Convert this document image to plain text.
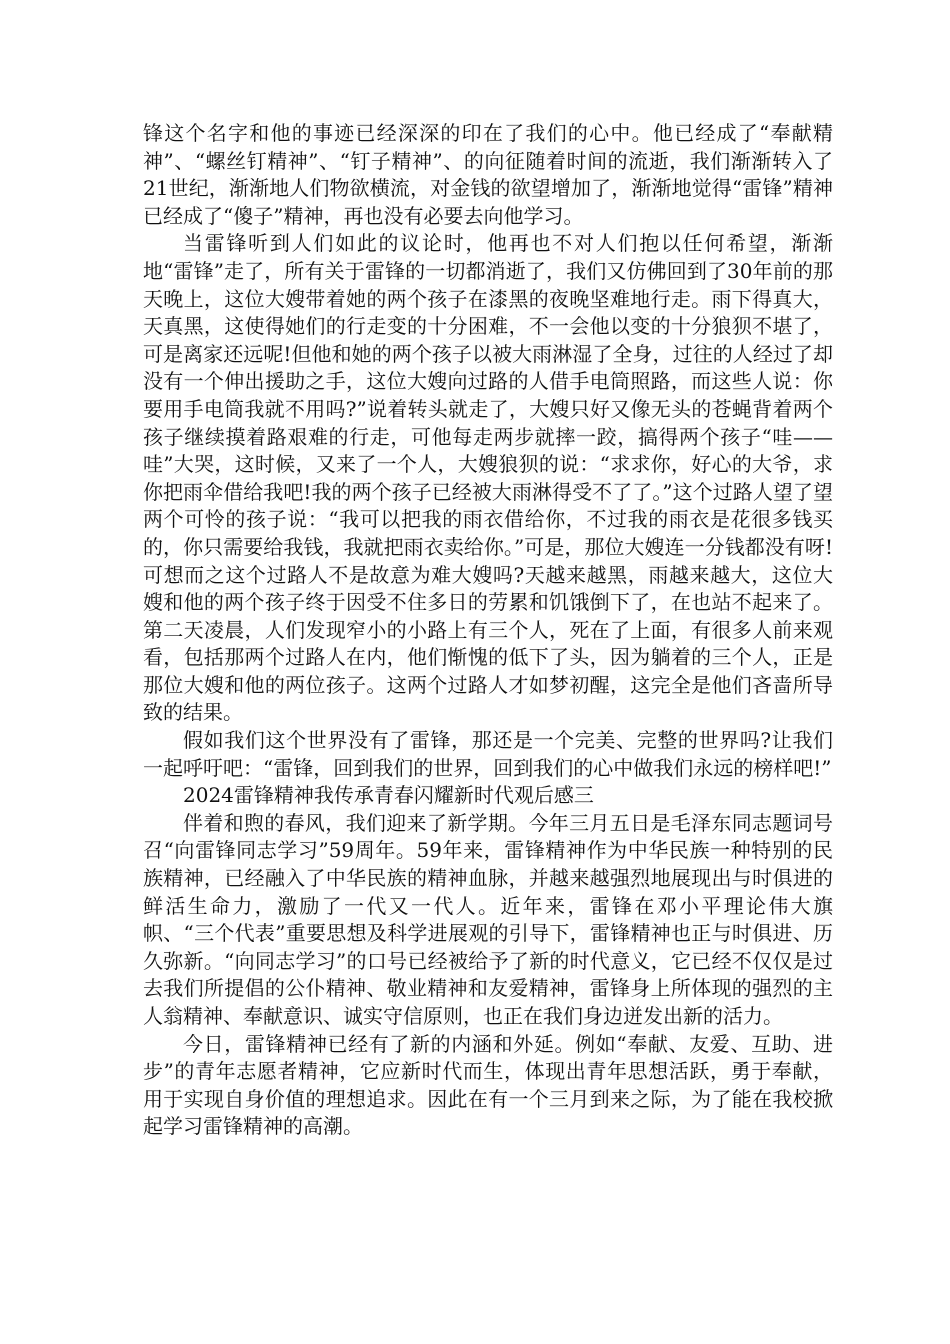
锋这个名字和他的事迹已经深深的印在了我们的心中。他已经成了“奉献精神”、“螺丝钉精神”、“钉子精神”、的向征随着时间的流逝，我们渐渐转入了21世纪，渐渐地人们物欲横流，对金钱的欲望增加了，渐渐地觉得“雷锋”精神已经成了“傻子”精神，再也没有必要去向他学习。

当雷锋听到人们如此的议论时，他再也不对人们抱以任何希望，渐渐地“雷锋”走了，所有关于雷锋的一切都消逝了，我们又仿佛回到了30年前的那天晚上，这位大嫂带着她的两个孩子在漆黑的夜晚坚难地行走。雨下得真大，天真黑，这使得她们的行走变的十分困难，不一会他以变的十分狼狈不堪了，可是离家还远呢!但他和她的两个孩子以被大雨淋湿了全身，过往的人经过了却没有一个伸出援助之手，这位大嫂向过路的人借手电筒照路，而这些人说：你要用手电筒我就不用吗?”说着转头就走了，大嫂只好又像无头的苍蝇背着两个孩子继续摸着路艰难的行走，可他每走两步就摔一跤，搞得两个孩子“哇——哇”大哭，这时候，又来了一个人，大嫂狼狈的说：“求求你，好心的大爷，求你把雨伞借给我吧!我的两个孩子已经被大雨淋得受不了了。”这个过路人望了望两个可怜的孩子说：“我可以把我的雨衣借给你，不过我的雨衣是花很多钱买的，你只需要给我钱，我就把雨衣卖给你。”可是，那位大嫂连一分钱都没有呀!可想而之这个过路人不是故意为难大嫂吗?天越来越黑，雨越来越大，这位大嫂和他的两个孩子终于因受不住多日的劳累和饥饿倒下了，在也站不起来了。第二天凌晨，人们发现窄小的小路上有三个人，死在了上面，有很多人前来观看，包括那两个过路人在内，他们惭愧的低下了头，因为躺着的三个人，正是那位大嫂和他的两位孩子。这两个过路人才如梦初醒，这完全是他们吝啬所导致的结果。

假如我们这个世界没有了雷锋，那还是一个完美、完整的世界吗?让我们一起呼吁吧：“雷锋，回到我们的世界，回到我们的心中做我们永远的榜样吧!”

2024雷锋精神我传承青春闪耀新时代观后感三

伴着和煦的春风，我们迎来了新学期。今年三月五日是毛泽东同志题词号召“向雷锋同志学习”59周年。59年来，雷锋精神作为中华民族一种特别的民族精神，已经融入了中华民族的精神血脉，并越来越强烈地展现出与时俱进的鲜活生命力，激励了一代又一代人。近年来，雷锋在邓小平理论伟大旗帜、“三个代表”重要思想及科学进展观的引导下，雷锋精神也正与时俱进、历久弥新。“向同志学习”的口号已经被给予了新的时代意义，它已经不仅仅是过去我们所提倡的公仆精神、敬业精神和友爱精神，雷锋身上所体现的强烈的主人翁精神、奉献意识、诚实守信原则，也正在我们身边迸发出新的活力。

今日，雷锋精神已经有了新的内涵和外延。例如“奉献、友爱、互助、进步”的青年志愿者精神，它应新时代而生，体现出青年思想活跃，勇于奉献，用于实现自身价值的理想追求。因此在有一个三月到来之际，为了能在我校掀起学习雷锋精神的高潮。
